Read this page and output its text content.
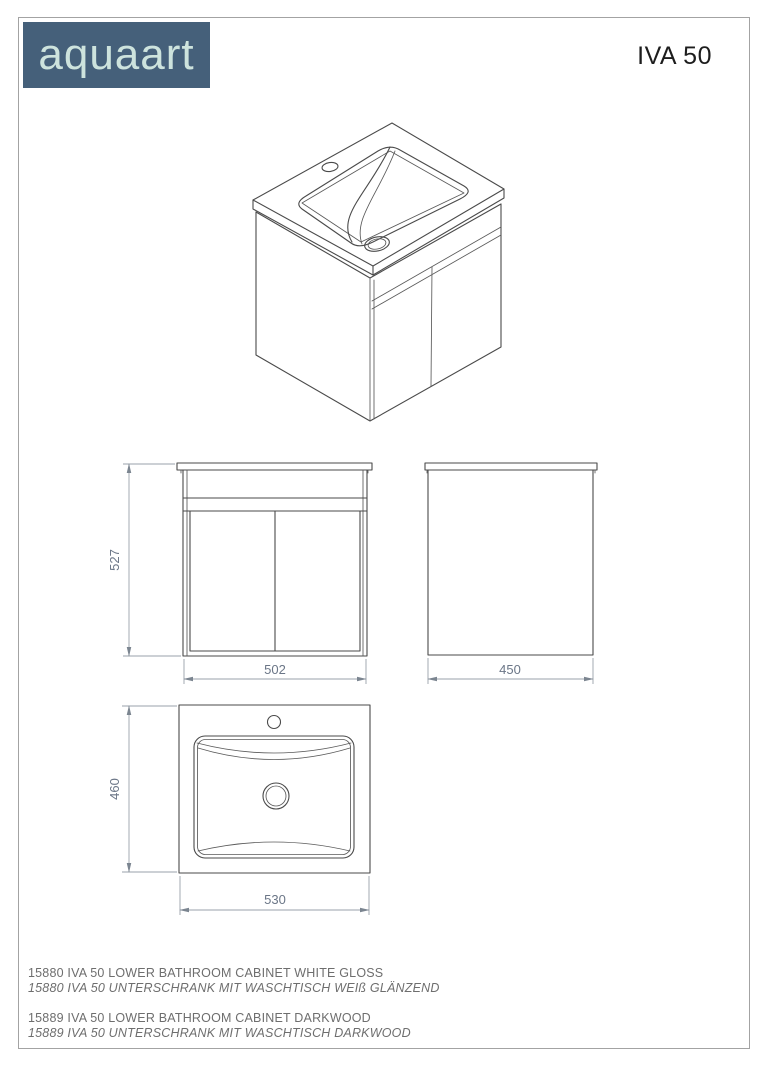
aquaart	IVA 50
527
502	450
460
530
15880 IVA 50 LOWER BATHROOM CABINET WHITE GLOSS
15880 IVA 50 UNTERSCHRANK MIT WASCHTISCH WEIß GLÄNZEND
15889 IVA 50 LOWER BATHROOM CABINET DARKWOOD
15889 IVA 50 UNTERSCHRANK MIT WASCHTISCH DARKWOOD
